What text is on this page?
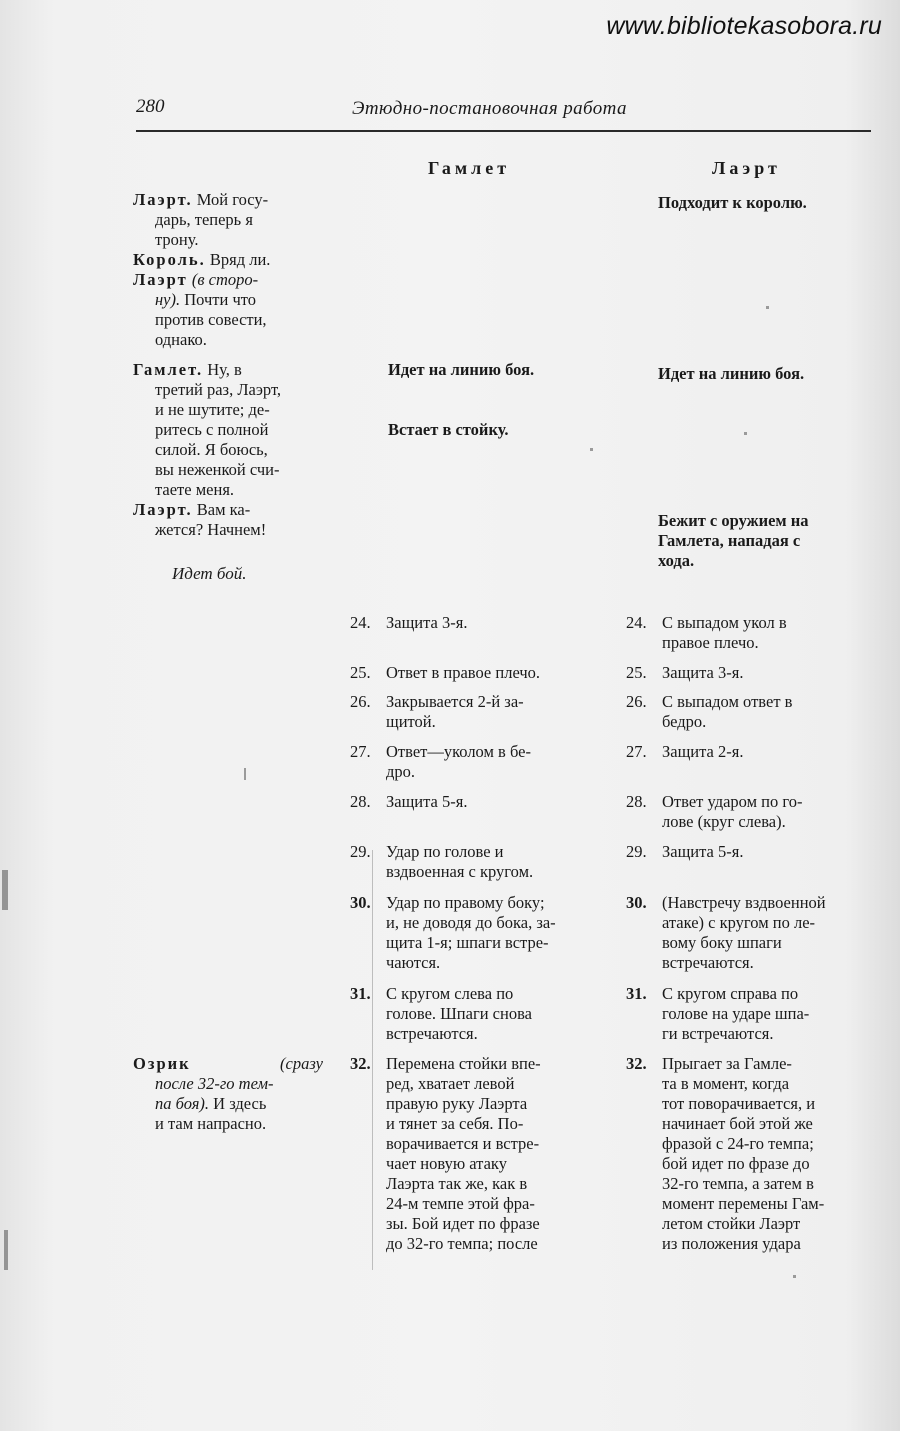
www.bibliotekasobora.ru
280	Этюдно-постановочная работа
Гамлет	Лаэрт
Лаэрт. Мой госу-
дарь, теперь я
трону.
Король. Вряд ли.
Лаэрт (в сторо-
ну). Почти что
против совести,
однако.
Гамлет. Ну, в
третий раз, Лаэрт,
и не шутите; де-
ритесь с полной
силой. Я боюсь,
вы неженкой счи-
таете меня.
Лаэрт. Вам ка-
жется? Начнем!
Идет бой.
Озрик	(сразу
после 32-го тем-
па боя). И здесь
и там напрасно.
Идет на линию боя.
Встает в стойку.
Подходит к королю.
Идет на линию боя.
Бежит с оружием на
Гамлета, нападая с
хода.
24. Защита 3-я.	24. С выпадом укол в
правое плечо.
25. Ответ в правое плечо.	25. Защита 3-я.
26. Закрывается 2-й за-
щитой.
26. С выпадом ответ в
бедро.
27. Ответ—уколом в бе-
дро.
27. Защита 2-я.
28. Защита 5-я.	28. Ответ ударом по го-
лове (круг слева).
29. Удар по голове и
вздвоенная с кругом.
29. Защита 5-я.
30. Удар по правому боку;
и, не доводя до бока, за-
щита 1-я; шпаги встре-
чаются.
30. (Навстречу вздвоенной
атаке) с кругом по ле-
вому боку шпаги
встречаются.
31. С кругом слева по
голове. Шпаги снова
встречаются.
31. С кругом справа по
голове на ударе шпа-
ги встречаются.
32. Перемена стойки впе-
ред, хватает левой
правую руку Лаэрта
и тянет за себя. По-
ворачивается и встре-
чает новую атаку
Лаэрта так же, как в
24-м темпе этой фра-
зы. Бой идет по фразе
до 32-го темпа; после
32. Прыгает за Гамле-
та в момент, когда
тот поворачивается, и
начинает бой этой же
фразой с 24-го темпа;
бой идет по фразе до
32-го темпа, а затем в
момент перемены Гам-
летом стойки Лаэрт
из положения удара
